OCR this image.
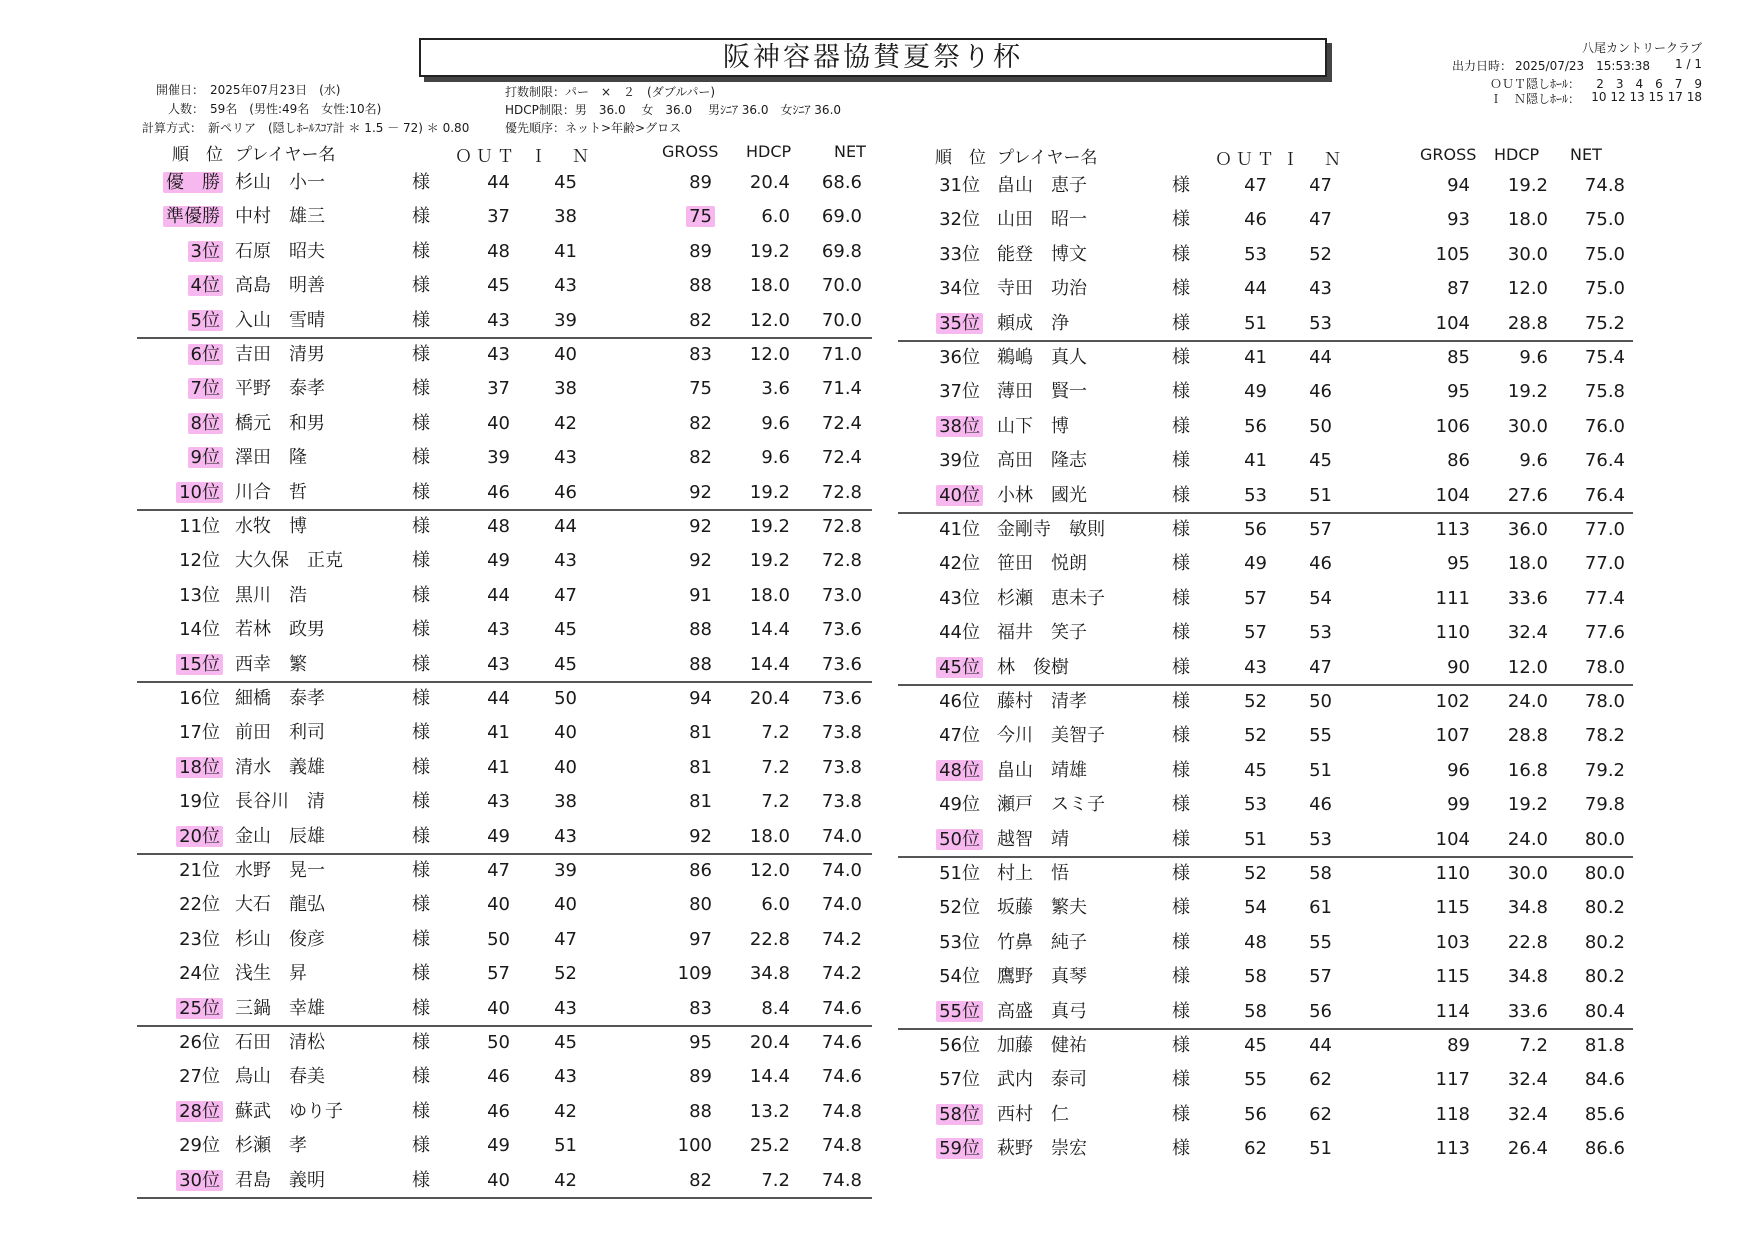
阪神容器協賛夏祭り杯	八尾カントリークラブ
出力日時： 2025/07/23　15:53:38 1 / 1
ＯＵＴ隠しﾎｰﾙ： 2　3　4　6　7　9
Ｉ　Ｎ隠しﾎｰﾙ： 10 12 13 15 17 18
開催日：　2025年07月23日　(水)
人数：　59名　(男性:49名　女性:10名)
計算方式：　新ペリア　(隠しﾎｰﾙｽｺｱ計 ＊ 1.5 － 72) ＊ 0.80
打数制限：パー　×　２　(ダブルパー)
HDCP制限：男　36.0　 女　36.0　 男ｼﾆｱ 36.0　女ｼﾆｱ 36.0
優先順序：ネット>年齢>グロス
順　位 プレイヤー名	ＯＵＴ Ｉ　Ｎ	GROSS HDCP	NET	順　位 プレイヤー名	ＯＵＴ Ｉ　Ｎ	GROSS HDCP NET
優　勝 杉山　小一	様	44	45	89	20.4	68.6
準優勝 中村　雄三	様	37	38	75	6.0	69.0
3位 石原　昭夫	様	48	41	89	19.2	69.8
4位 高島　明善	様	45	43	88	18.0	70.0
5位 入山　雪晴	様	43	39	82	12.0	70.0
6位 吉田　清男	様	43	40	83	12.0	71.0
7位 平野　泰孝	様	37	38	75	3.6	71.4
8位 橋元　和男	様	40	42	82	9.6	72.4
9位 澤田　隆	様	39	43	82	9.6	72.4
10位 川合　哲	様	46	46	92	19.2	72.8
11位 水牧　博	様	48	44	92	19.2	72.8
12位 大久保　正克	様	49	43	92	19.2	72.8
13位 黒川　浩	様	44	47	91	18.0	73.0
14位 若林　政男	様	43	45	88	14.4	73.6
15位 西幸　繁	様	43	45	88	14.4	73.6
16位 細橋　泰孝	様	44	50	94	20.4	73.6
17位 前田　利司	様	41	40	81	7.2	73.8
18位 清水　義雄	様	41	40	81	7.2	73.8
19位 長谷川　清	様	43	38	81	7.2	73.8
20位 金山　辰雄	様	49	43	92	18.0	74.0
21位 水野　晃一	様	47	39	86	12.0	74.0
22位 大石　龍弘	様	40	40	80	6.0	74.0
23位 杉山　俊彦	様	50	47	97	22.8	74.2
24位 浅生　昇	様	57	52	109	34.8	74.2
25位 三鍋　幸雄	様	40	43	83	8.4	74.6
26位 石田　清松	様	50	45	95	20.4	74.6
27位 鳥山　春美	様	46	43	89	14.4	74.6
28位 蘇武　ゆり子	様	46	42	88	13.2	74.8
29位 杉瀬　孝	様	49	51	100	25.2	74.8
30位 君島　義明	様	40	42	82	7.2	74.8
31位 畠山　恵子	様	47	47	94	19.2	74.8
32位 山田　昭一	様	46	47	93	18.0	75.0
33位 能登　博文	様	53	52	105	30.0	75.0
34位 寺田　功治	様	44	43	87	12.0	75.0
35位 頼成　浄	様	51	53	104	28.8	75.2
36位 鵜嶋　真人	様	41	44	85	9.6	75.4
37位 薄田　賢一	様	49	46	95	19.2	75.8
38位 山下　博	様	56	50	106	30.0	76.0
39位 高田　隆志	様	41	45	86	9.6	76.4
40位 小林　國光	様	53	51	104	27.6	76.4
41位 金剛寺　敏則	様	56	57	113	36.0	77.0
42位 笹田　悦朗	様	49	46	95	18.0	77.0
43位 杉瀬　恵未子	様	57	54	111	33.6	77.4
44位 福井　笑子	様	57	53	110	32.4	77.6
45位 林　俊樹	様	43	47	90	12.0	78.0
46位 藤村　清孝	様	52	50	102	24.0	78.0
47位 今川　美智子	様	52	55	107	28.8	78.2
48位 畠山　靖雄	様	45	51	96	16.8	79.2
49位 瀬戸　スミ子	様	53	46	99	19.2	79.8
50位 越智　靖	様	51	53	104	24.0	80.0
51位 村上　悟	様	52	58	110	30.0	80.0
52位 坂藤　繁夫	様	54	61	115	34.8	80.2
53位 竹鼻　純子	様	48	55	103	22.8	80.2
54位 鷹野　真琴	様	58	57	115	34.8	80.2
55位 高盛　真弓	様	58	56	114	33.6	80.4
56位 加藤　健祐	様	45	44	89	7.2	81.8
57位 武内　泰司	様	55	62	117	32.4	84.6
58位 西村　仁	様	56	62	118	32.4	85.6
59位 萩野　崇宏	様	62	51	113	26.4	86.6
